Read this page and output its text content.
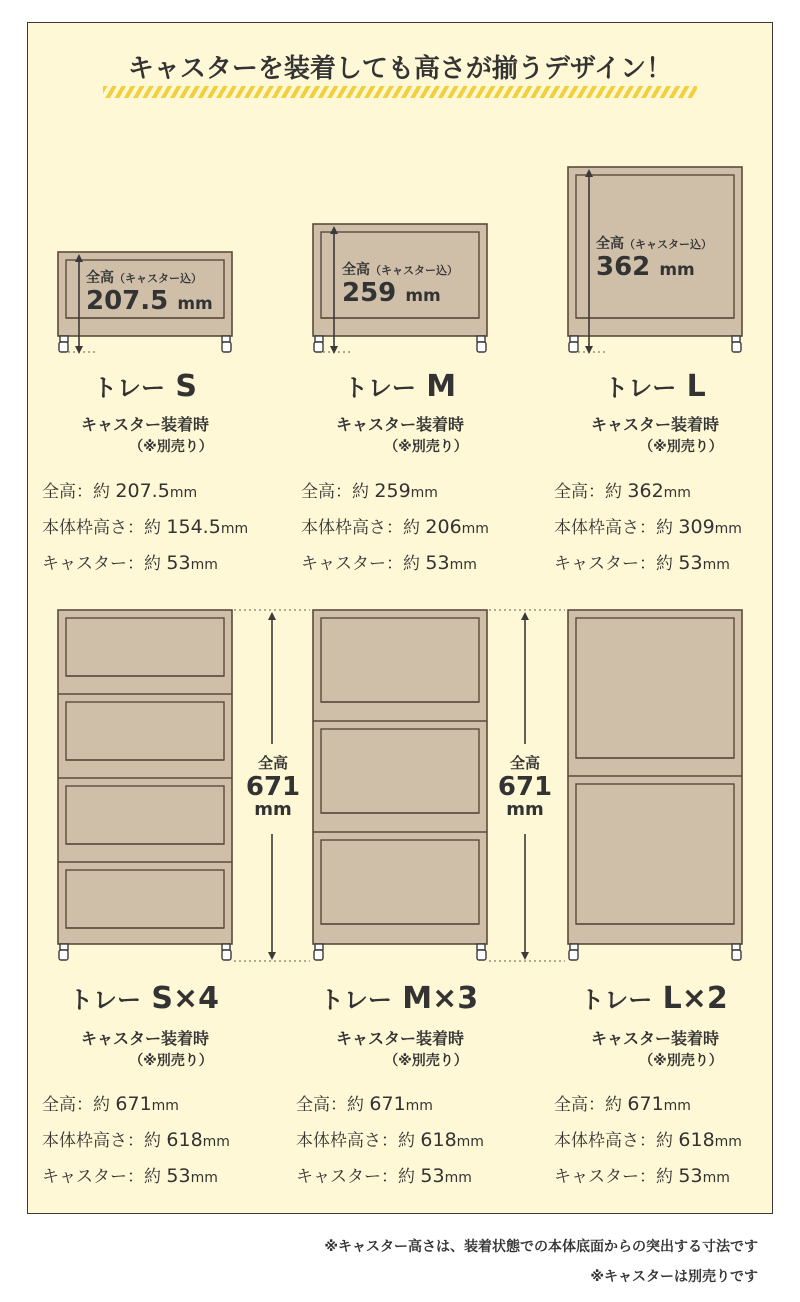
キャスターを装着しても高さが揃うデザイン！
全高（キャスター込）
207.5 mm
全高（キャスター込）
259 mm
全高（キャスター込）
362 mm
トレー S
キャスター装着時
（※別売り）
トレー M
キャスター装着時
（※別売り）
トレー L
キャスター装着時
（※別売り）
全高：約 207.5mm
本体枠高さ：約 154.5mm
キャスター：約 53mm
全高：約 259mm
本体枠高さ：約 206mm
キャスター：約 53mm
全高：約 362mm
本体枠高さ：約 309mm
キャスター：約 53mm
全高
671
mm
全高
671
mm
トレー S×4
キャスター装着時
（※別売り）
トレー M×3
キャスター装着時
（※別売り）
トレー L×2
キャスター装着時
（※別売り）
全高：約 671mm
本体枠高さ：約 618mm
キャスター：約 53mm
全高：約 671mm
本体枠高さ：約 618mm
キャスター：約 53mm
全高：約 671mm
本体枠高さ：約 618mm
キャスター：約 53mm
※キャスター高さは、装着状態での本体底面からの突出する寸法です
※キャスターは別売りです
